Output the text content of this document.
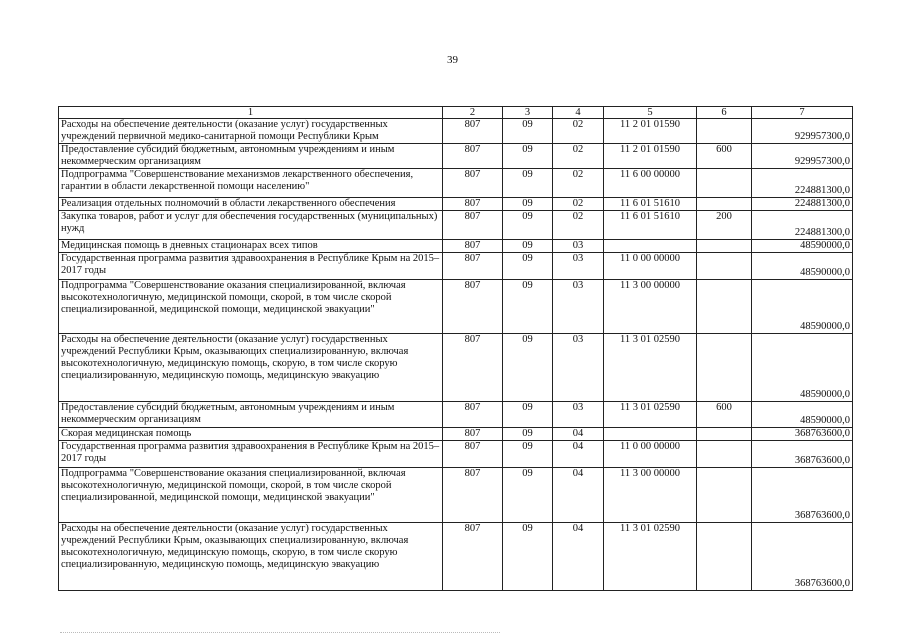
39
1	2	3	4	5	6	7
Расходы на обеспечение деятельности (оказание услуг) государственных учреждений первичной медико-санитарной помощи Республики Крым	807	09	02	11 2 01 01590		929957300,0
Предоставление субсидий бюджетным, автономным учреждениям и иным некоммерческим организациям	807	09	02	11 2 01 01590	600	929957300,0
Подпрограмма "Совершенствование механизмов лекарственного обеспечения, гарантии в области лекарственной помощи населению"	807	09	02	11 6 00 00000		224881300,0
Реализация отдельных полномочий в области лекарственного обеспечения	807	09	02	11 6 01 51610		224881300,0
Закупка товаров, работ и услуг для обеспечения государственных (муниципальных) нужд	807	09	02	11 6 01 51610	200	224881300,0
Медицинская помощь в дневных стационарах всех типов	807	09	03			48590000,0
Государственная программа развития здравоохранения в Республике Крым на 2015–2017 годы	807	09	03	11 0 00 00000		48590000,0
Подпрограмма "Совершенствование оказания специализированной, включая высокотехнологичную, медицинской помощи, скорой, в том числе скорой специализированной, медицинской помощи, медицинской эвакуации"	807	09	03	11 3 00 00000		48590000,0
Расходы на обеспечение деятельности (оказание услуг) государственных учреждений Республики Крым, оказывающих специализированную, включая высокотехнологичную, медицинскую помощь, скорую, в том числе скорую специализированную, медицинскую помощь, медицинскую эвакуацию	807	09	03	11 3 01 02590		48590000,0
Предоставление субсидий бюджетным, автономным учреждениям и иным некоммерческим организациям	807	09	03	11 3 01 02590	600	48590000,0
Скорая медицинская помощь	807	09	04			368763600,0
Государственная программа развития здравоохранения в Республике Крым на 2015–2017 годы	807	09	04	11 0 00 00000		368763600,0
Подпрограмма "Совершенствование оказания специализированной, включая высокотехнологичную, медицинской помощи, скорой, в том числе скорой специализированной, медицинской помощи, медицинской эвакуации"	807	09	04	11 3 00 00000		368763600,0
Расходы на обеспечение деятельности (оказание услуг) государственных учреждений Республики Крым, оказывающих специализированную, включая высокотехнологичную, медицинскую помощь, скорую, в том числе скорую специализированную, медицинскую помощь, медицинскую эвакуацию	807	09	04	11 3 01 02590		368763600,0
